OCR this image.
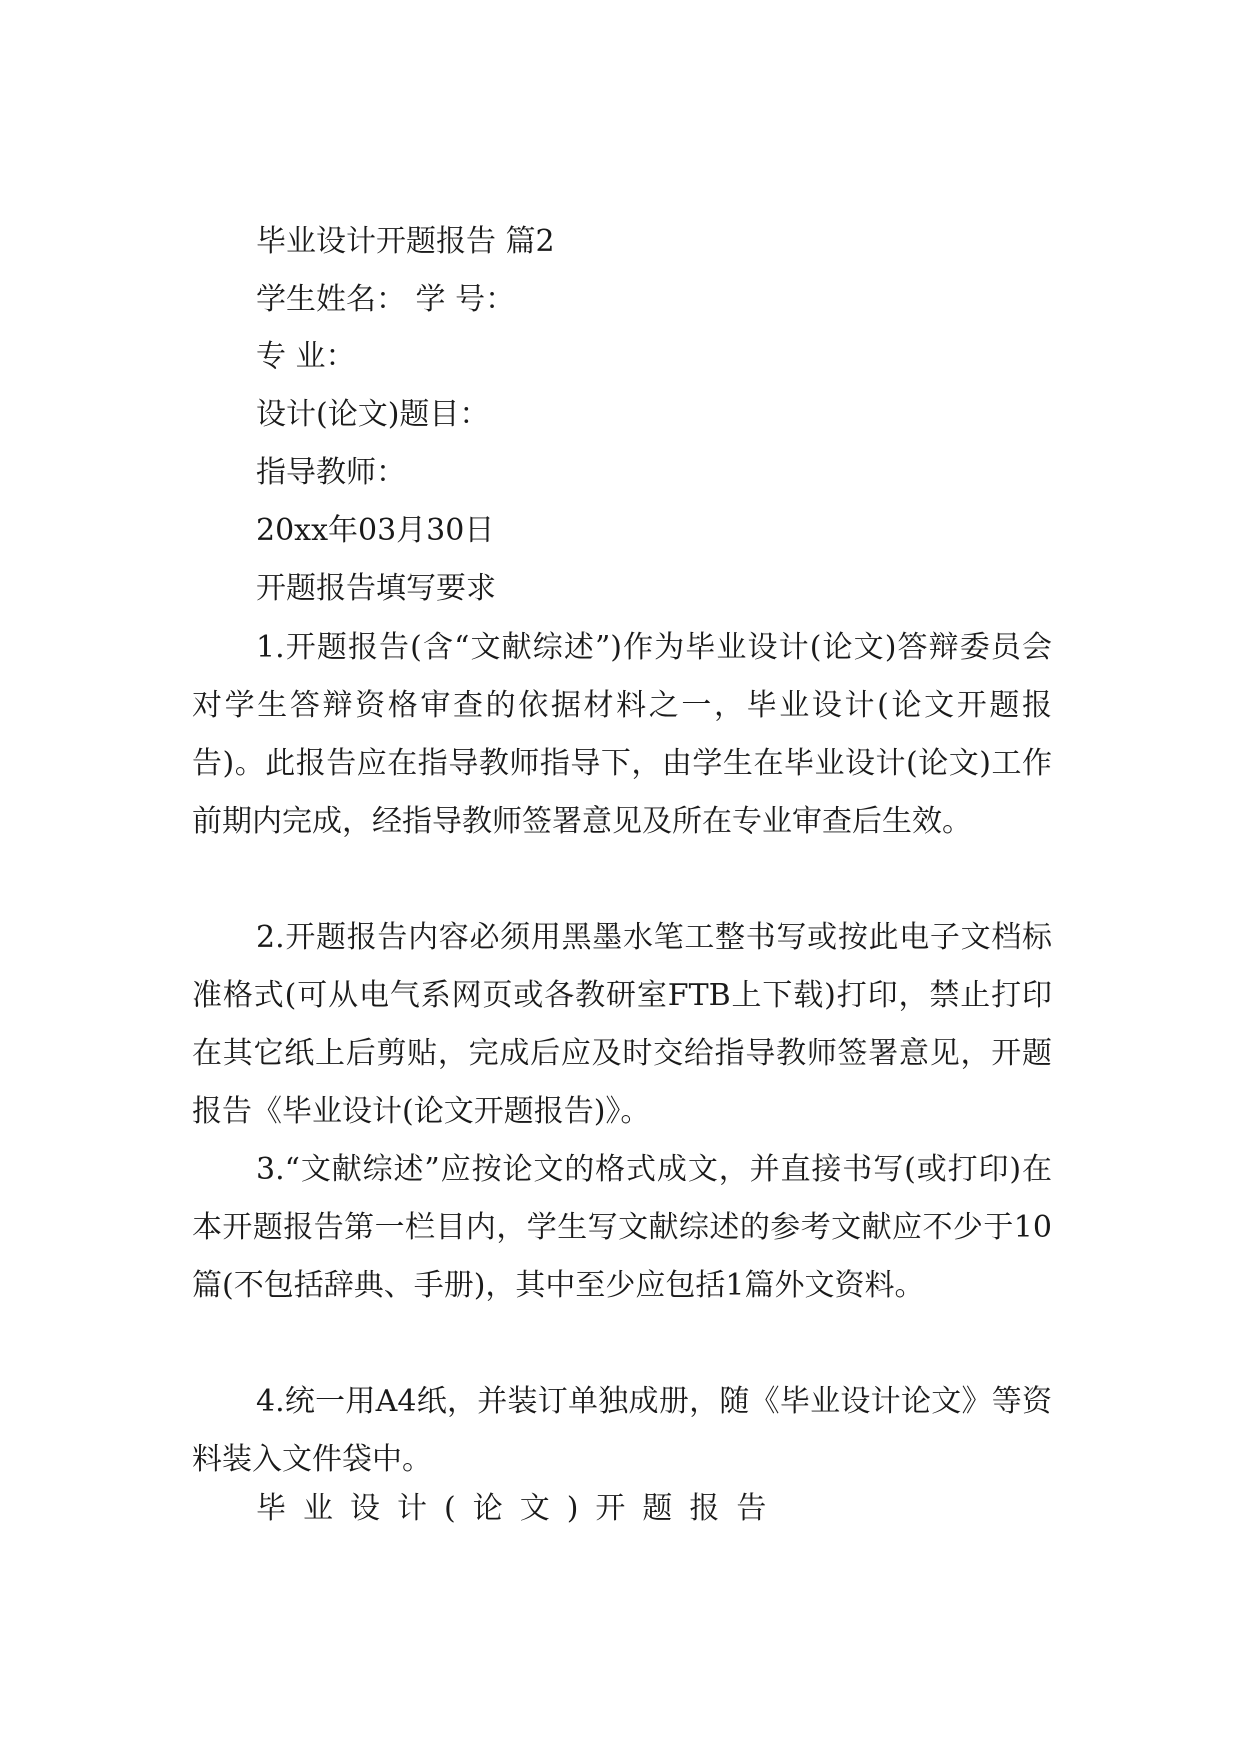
毕业设计开题报告 篇2
学生姓名： 学 号：
专 业：
设计(论文)题目：
指导教师：
20xx年03月30日
开题报告填写要求
1.开题报告(含“文献综述”)作为毕业设计(论文)答辩委员会对学生答辩资格审查的依据材料之一，毕业设计(论文开题报告)。此报告应在指导教师指导下，由学生在毕业设计(论文)工作前期内完成，经指导教师签署意见及所在专业审查后生效。
2.开题报告内容必须用黑墨水笔工整书写或按此电子文档标准格式(可从电气系网页或各教研室FTB上下载)打印，禁止打印在其它纸上后剪贴，完成后应及时交给指导教师签署意见，开题报告《毕业设计(论文开题报告)》。
3.“文献综述”应按论文的格式成文，并直接书写(或打印)在本开题报告第一栏目内，学生写文献综述的参考文献应不少于10篇(不包括辞典、手册)，其中至少应包括1篇外文资料。
4.统一用A4纸，并装订单独成册，随《毕业设计论文》等资料装入文件袋中。
毕业设计(论文)开题报告
